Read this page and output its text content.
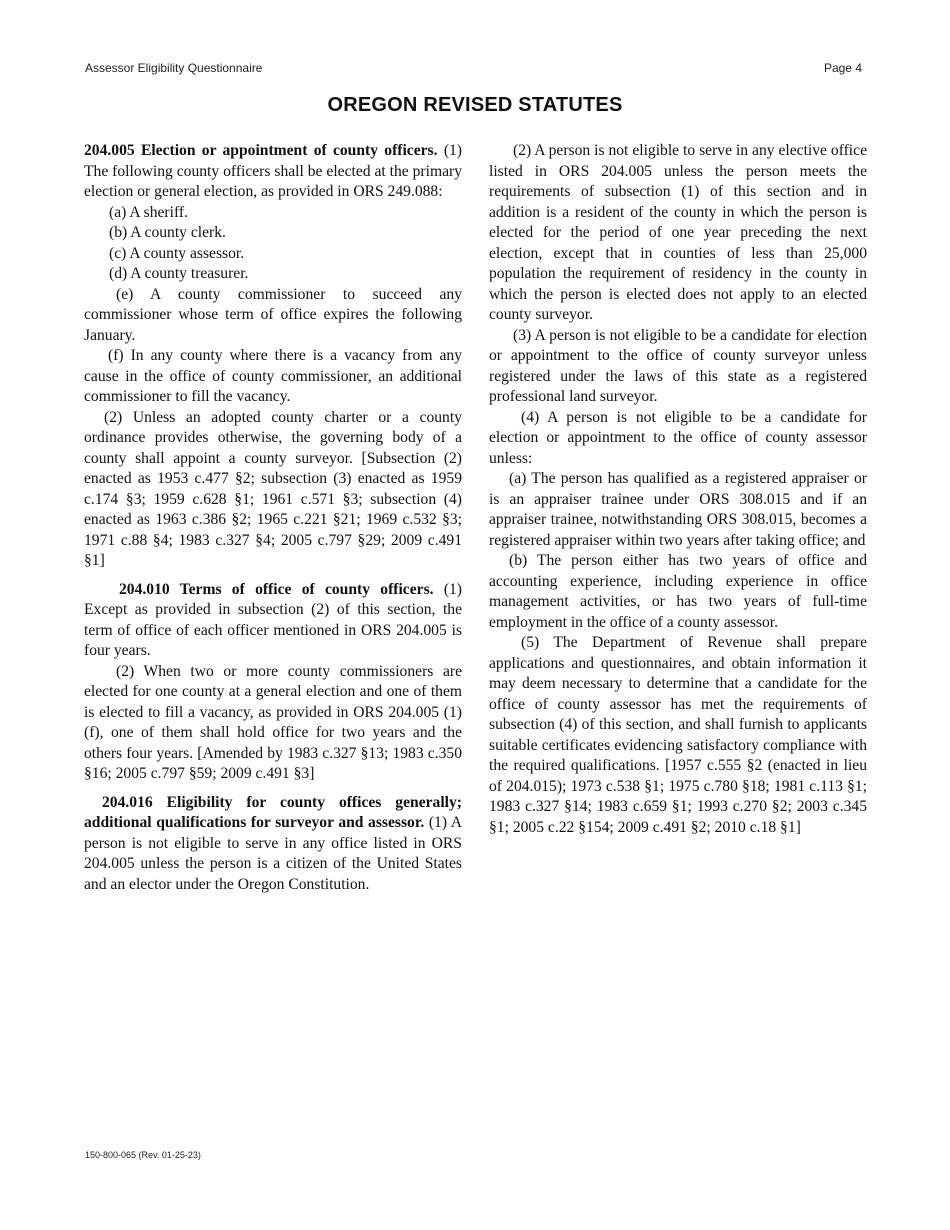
Assessor Eligibility Questionnaire	Page 4
OREGON REVISED STATUTES

204.005 Election or appointment of county officers. (1) The following county officers shall be elected at the primary election or general election, as provided in ORS 249.088:

(a) A sheriff.

(b) A county clerk.

(c) A county assessor.

(d) A county treasurer.

(e) A county commissioner to succeed any commissioner whose term of office expires the following January.

(f) In any county where there is a vacancy from any cause in the office of county commissioner, an additional commissioner to fill the vacancy.

(2) Unless an adopted county charter or a county ordinance provides otherwise, the governing body of a county shall appoint a county surveyor. [Subsection (2) enacted as 1953 c.477 §2; subsection (3) enacted as 1959 c.174 §3; 1959 c.628 §1; 1961 c.571 §3; subsection (4) enacted as 1963 c.386 §2; 1965 c.221 §21; 1969 c.532 §3; 1971 c.88 §4; 1983 c.327 §4; 2005 c.797 §29; 2009 c.491 §1]

204.010 Terms of office of county officers. (1) Except as provided in subsection (2) of this section, the term of office of each officer mentioned in ORS 204.005 is four years.

(2) When two or more county commissioners are elected for one county at a general election and one of them is elected to fill a vacancy, as provided in ORS 204.005 (1)(f), one of them shall hold office for two years and the others four years. [Amended by 1983 c.327 §13; 1983 c.350 §16; 2005 c.797 §59; 2009 c.491 §3]

204.016 Eligibility for county offices generally; additional qualifications for surveyor and assessor. (1) A person is not eligible to serve in any office listed in ORS 204.005 unless the person is a citizen of the United States and an elector under the Oregon Constitution.

(2) A person is not eligible to serve in any elective office listed in ORS 204.005 unless the person meets the requirements of subsection (1) of this section and in addition is a resident of the county in which the person is elected for the period of one year preceding the next election, except that in counties of less than 25,000 population the requirement of residency in the county in which the person is elected does not apply to an elected county surveyor.

(3) A person is not eligible to be a candidate for election or appointment to the office of county surveyor unless registered under the laws of this state as a registered professional land surveyor.

(4) A person is not eligible to be a candidate for election or appointment to the office of county assessor unless:

(a) The person has qualified as a registered appraiser or is an appraiser trainee under ORS 308.015 and if an appraiser trainee, notwithstanding ORS 308.015, becomes a registered appraiser within two years after taking office; and

(b) The person either has two years of office and accounting experience, including experience in office management activities, or has two years of full-time employment in the office of a county assessor.

(5) The Department of Revenue shall prepare applications and questionnaires, and obtain information it may deem necessary to determine that a candidate for the office of county assessor has met the requirements of subsection (4) of this section, and shall furnish to applicants suitable certificates evidencing satisfactory compliance with the required qualifications. [1957 c.555 §2 (enacted in lieu of 204.015); 1973 c.538 §1; 1975 c.780 §18; 1981 c.113 §1; 1983 c.327 §14; 1983 c.659 §1; 1993 c.270 §2; 2003 c.345 §1; 2005 c.22 §154; 2009 c.491 §2; 2010 c.18 §1]

150-800-065 (Rev. 01-25-23)
